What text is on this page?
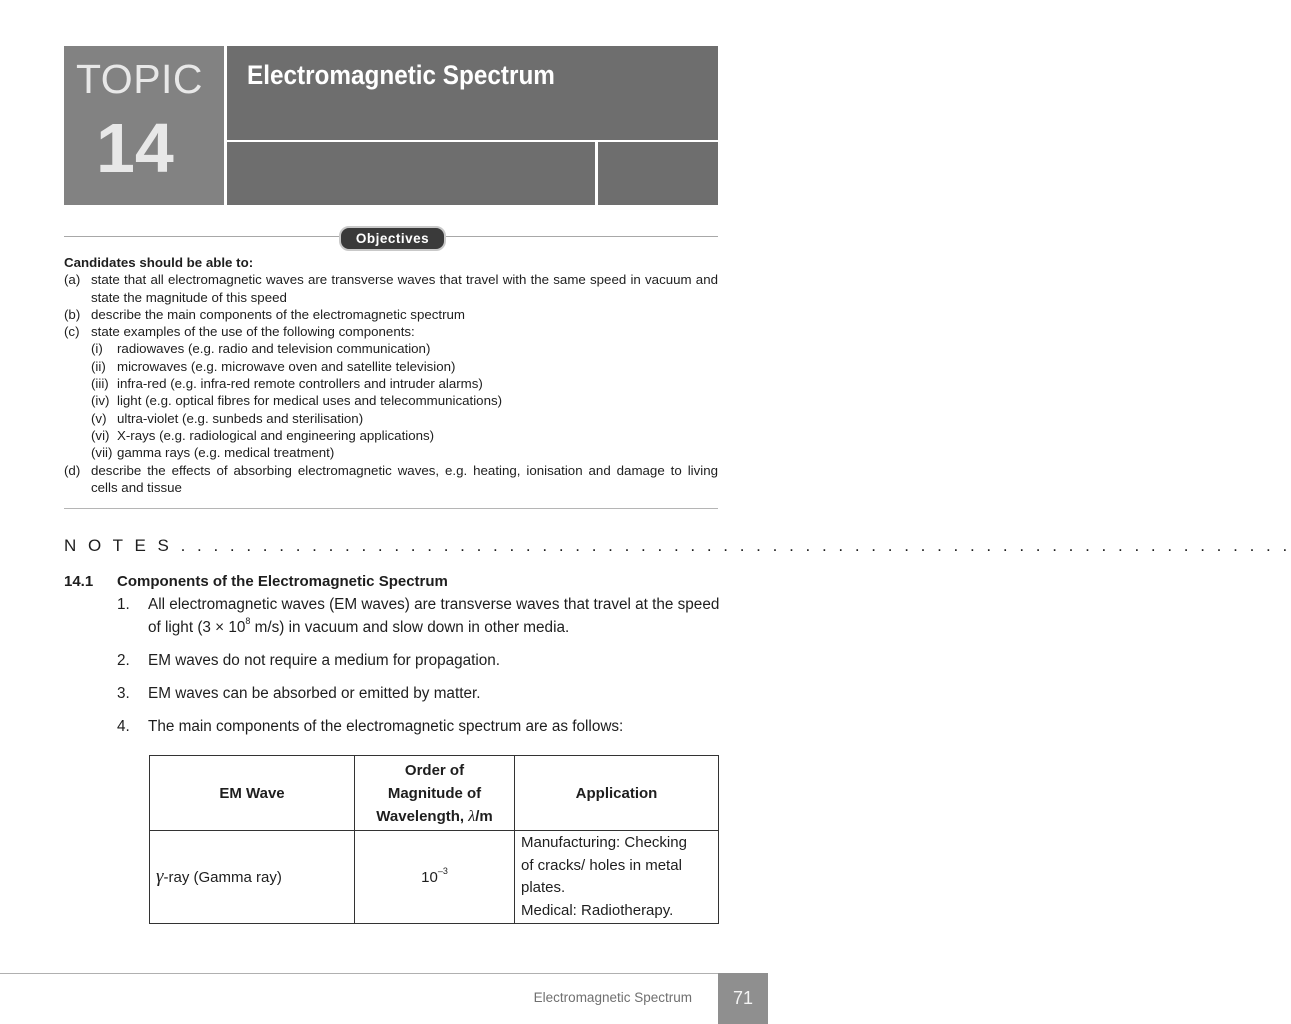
TOPIC
14
Electromagnetic Spectrum
Objectives
Candidates should be able to:
(a) state that all electromagnetic waves are transverse waves that travel with the same speed in vacuum and state the magnitude of this speed
(b) describe the main components of the electromagnetic spectrum
(c) state examples of the use of the following components:
(i) radiowaves (e.g. radio and television communication)
(ii) microwaves (e.g. microwave oven and satellite television)
(iii) infra-red (e.g. infra-red remote controllers and intruder alarms)
(iv) light (e.g. optical fibres for medical uses and telecommunications)
(v) ultra-violet (e.g. sunbeds and sterilisation)
(vi) X-rays (e.g. radiological and engineering applications)
(vii) gamma rays (e.g. medical treatment)
(d) describe the effects of absorbing electromagnetic waves, e.g. heating, ionisation and damage to living cells and tissue
N O T E S . . . . . . . . . . . . . . . . . . . . . . . . . . . . . . . . . . . . . . . . . . . . . . . . . . . . . . . . . . . . . . . . . . . .
14.1 Components of the Electromagnetic Spectrum
1. All electromagnetic waves (EM waves) are transverse waves that travel at the speed of light ($3 \times 10^8$ m/s) in vacuum and slow down in other media.
2. EM waves do not require a medium for propagation.
3. EM waves can be absorbed or emitted by matter.
4. The main components of the electromagnetic spectrum are as follows:
EM Wave	Order of
Magnitude of
Wavelength, λ/m	Application
γ-ray (Gamma ray)	$10^{-3}$	Manufacturing: Checking
of cracks/ holes in metal
plates.
Medical: Radiotherapy.
Electromagnetic Spectrum	71
